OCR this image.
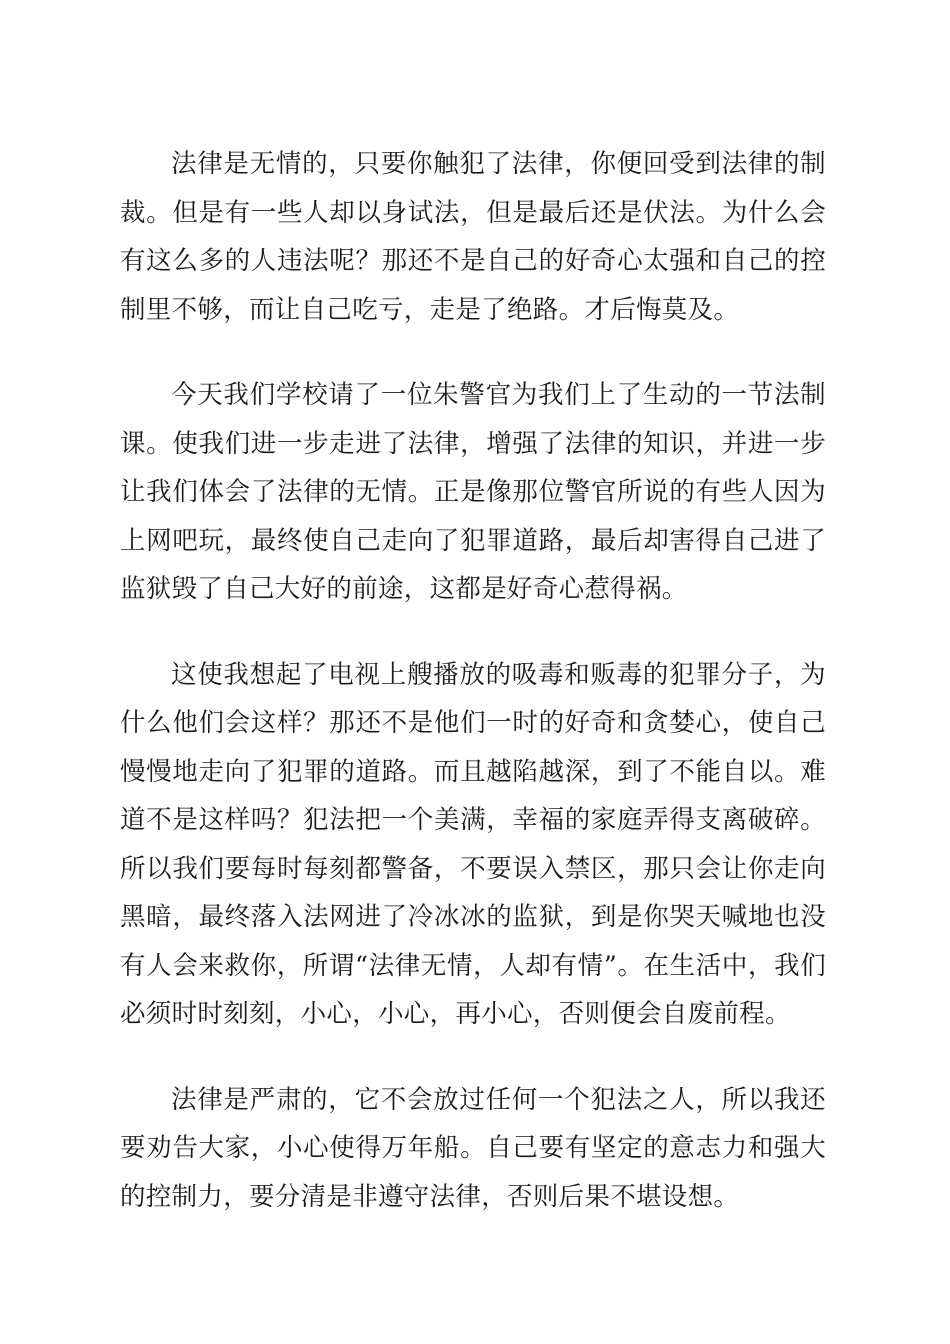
法律是无情的，只要你触犯了法律，你便回受到法律的制裁。但是有一些人却以身试法，但是最后还是伏法。为什么会有这么多的人违法呢？那还不是自己的好奇心太强和自己的控制里不够，而让自己吃亏，走是了绝路。才后悔莫及。

今天我们学校请了一位朱警官为我们上了生动的一节法制课。使我们进一步走进了法律，增强了法律的知识，并进一步让我们体会了法律的无情。正是像那位警官所说的有些人因为上网吧玩，最终使自己走向了犯罪道路，最后却害得自己进了监狱毁了自己大好的前途，这都是好奇心惹得祸。

这使我想起了电视上艘播放的吸毒和贩毒的犯罪分子，为什么他们会这样？那还不是他们一时的好奇和贪婪心，使自己慢慢地走向了犯罪的道路。而且越陷越深，到了不能自以。难道不是这样吗？犯法把一个美满，幸福的家庭弄得支离破碎。所以我们要每时每刻都警备，不要误入禁区，那只会让你走向黑暗，最终落入法网进了冷冰冰的监狱，到是你哭天喊地也没有人会来救你，所谓“法律无情，人却有情”。在生活中，我们必须时时刻刻，小心，小心，再小心，否则便会自废前程。

法律是严肃的，它不会放过任何一个犯法之人，所以我还要劝告大家，小心使得万年船。自己要有坚定的意志力和强大的控制力，要分清是非遵守法律，否则后果不堪设想。
